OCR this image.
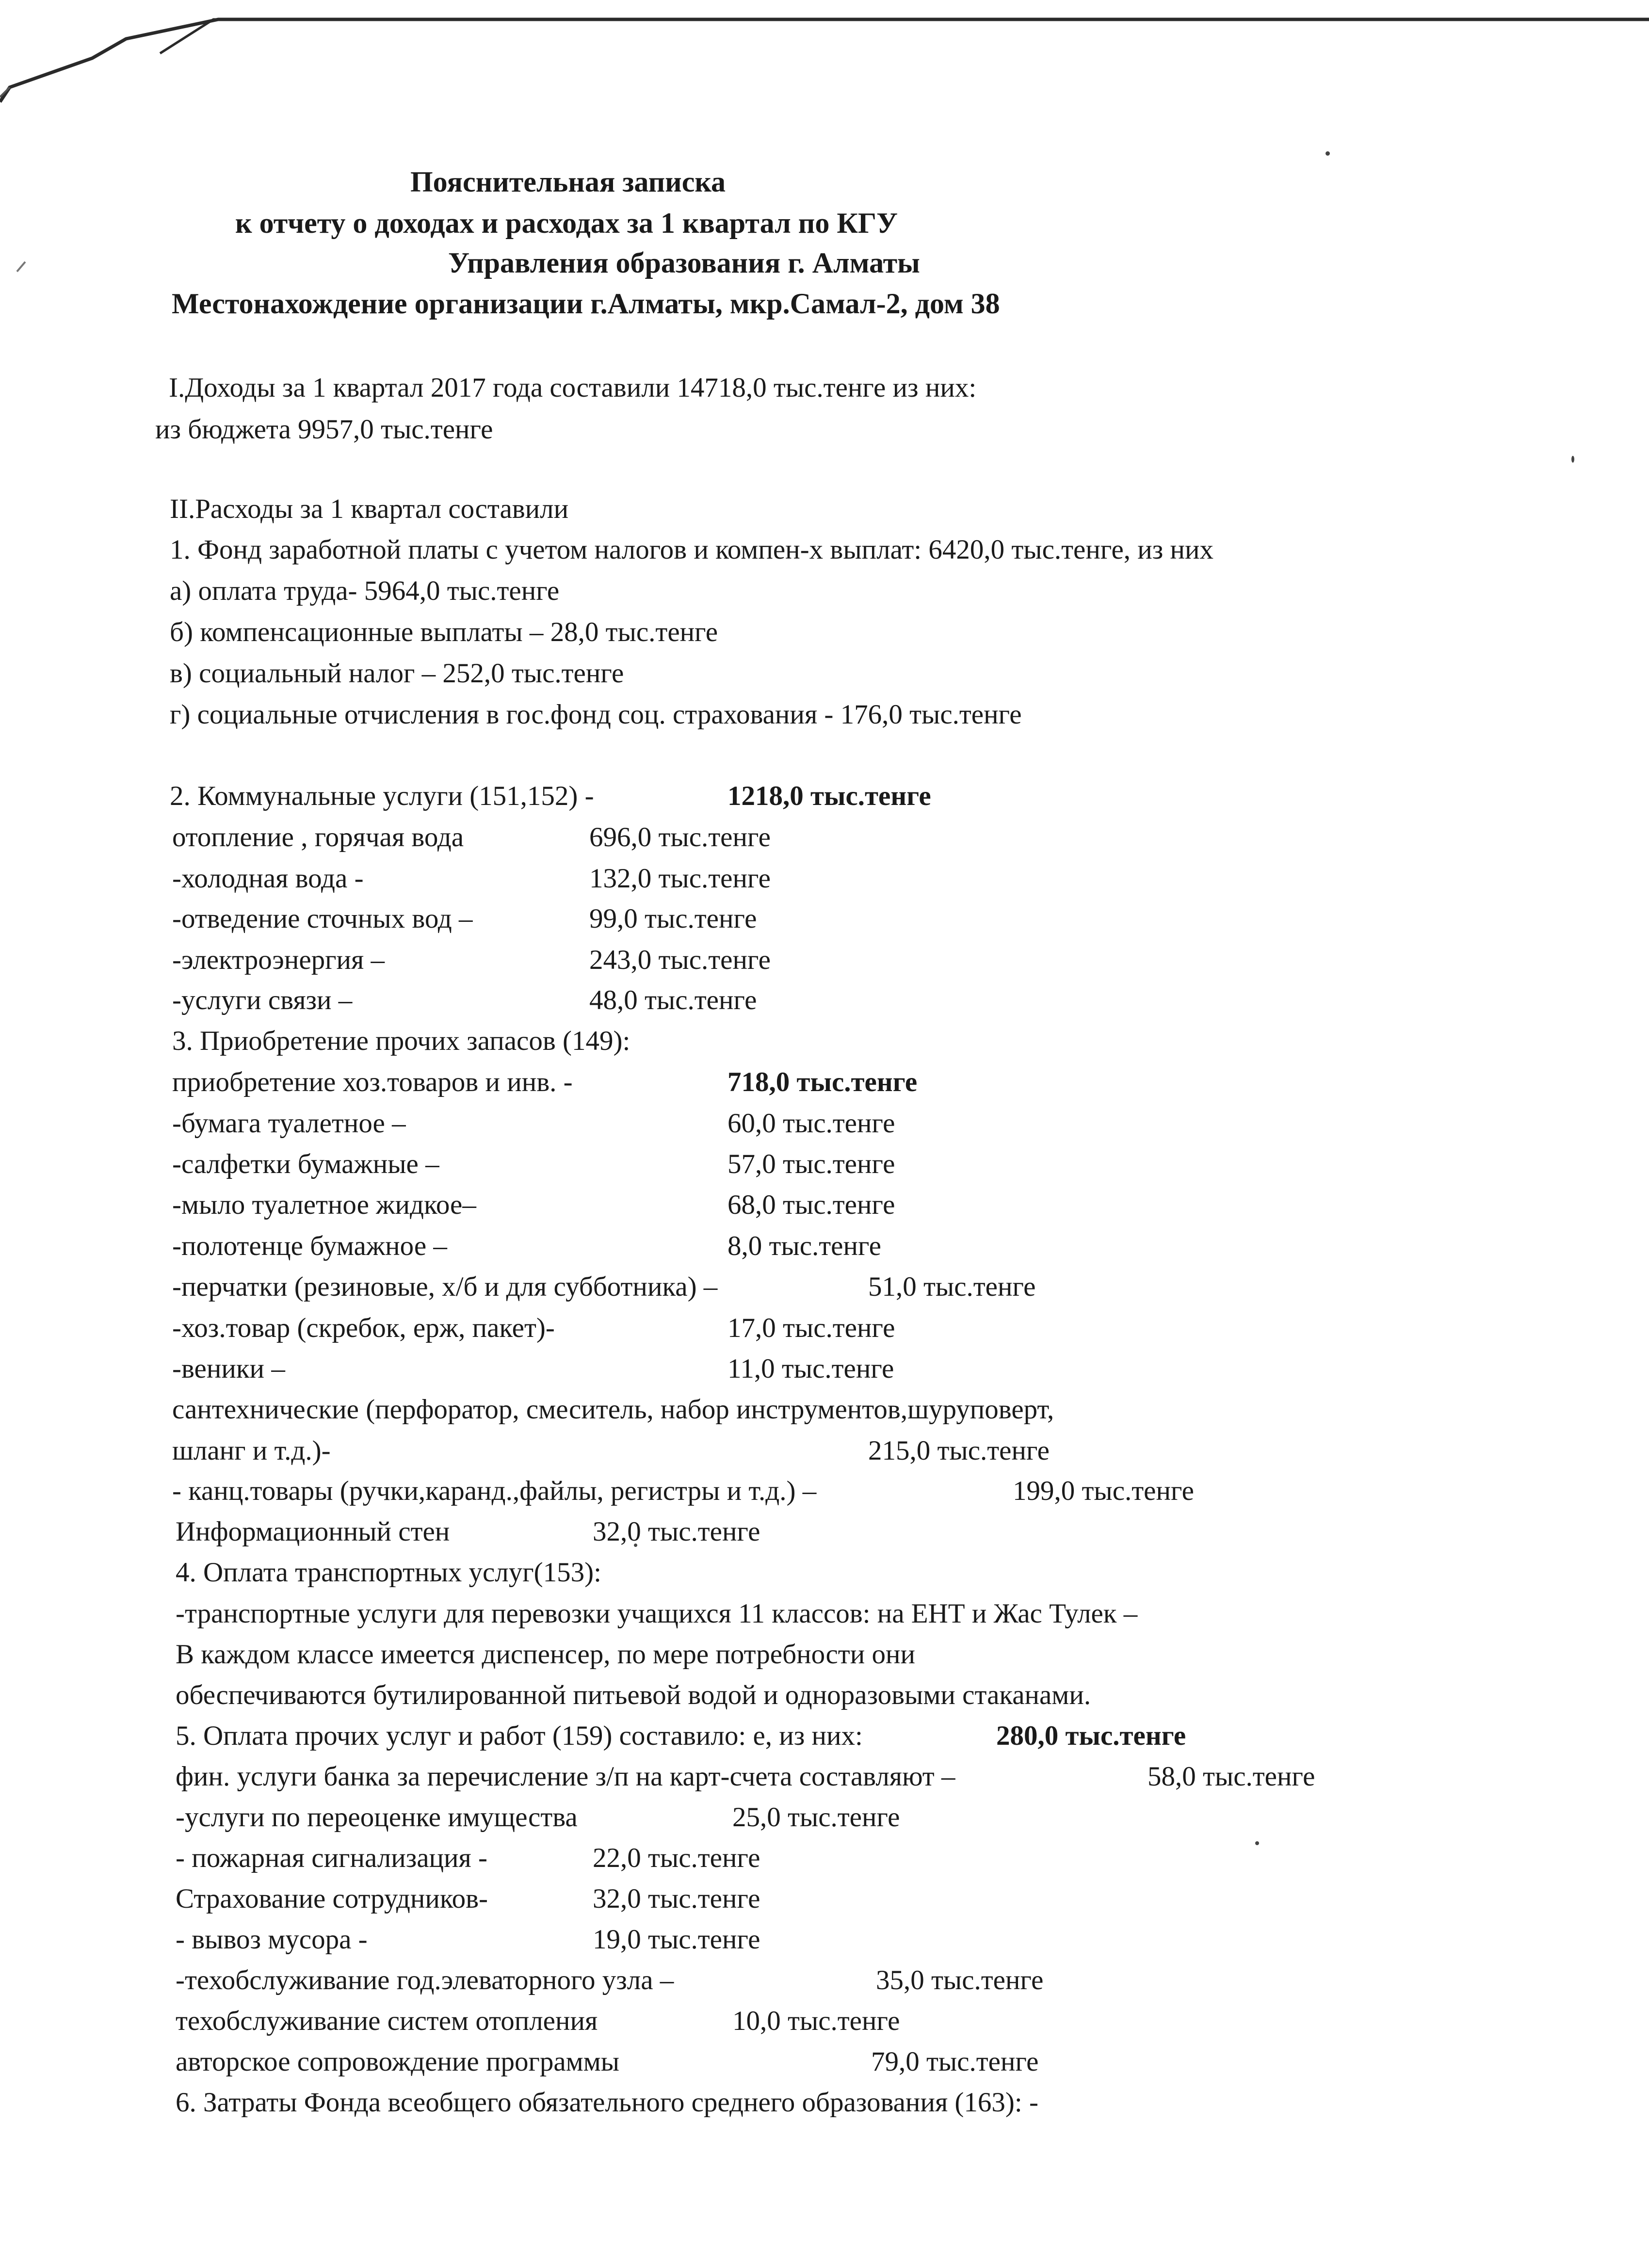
Пояснительная записка
к отчету о доходах и расходах за 1 квартал по КГУ
Управления образования г. Алматы
Местонахождение организации г.Алматы, мкр.Самал-2, дом 38
I.Доходы за 1 квартал 2017 года составили 14718,0 тыс.тенге из них:
из бюджета 9957,0 тыс.тенге
II.Расходы за 1 квартал составили
1. Фонд заработной платы с учетом налогов и компен-х выплат: 6420,0 тыс.тенге, из них
а) оплата труда- 5964,0 тыс.тенге
б) компенсационные выплаты – 28,0 тыс.тенге
в) социальный налог – 252,0 тыс.тенге
г) социальные отчисления в гос.фонд соц. страхования - 176,0 тыс.тенге
2. Коммунальные услуги (151,152) -	1218,0 тыс.тенге
отопление , горячая вода	696,0 тыс.тенге
-холодная вода -	132,0 тыс.тенге
-отведение сточных вод –	99,0 тыс.тенге
-электроэнергия –	243,0 тыс.тенге
-услуги связи –	48,0 тыс.тенге
3. Приобретение прочих запасов (149):
приобретение хоз.товаров и инв. -	718,0 тыс.тенге
-бумага туалетное –	60,0 тыс.тенге
-салфетки бумажные –	57,0 тыс.тенге
-мыло туалетное жидкое–	68,0 тыс.тенге
-полотенце бумажное –	8,0 тыс.тенге
-перчатки (резиновые, х/б и для субботника) –	51,0 тыс.тенге
-хоз.товар (скребок, ерж, пакет)-	17,0 тыс.тенге
-веники –	11,0 тыс.тенге
сантехнические (перфоратор, смеситель, набор инструментов,шуруповерт,
шланг и т.д.)-	215,0 тыс.тенге
- канц.товары (ручки,каранд.,файлы, регистры и т.д.) –	199,0 тыс.тенге
Информационный стен	32,0 тыс.тенге
4. Оплата транспортных услуг(153):
-транспортные услуги для перевозки учащихся 11 классов: на ЕНТ и Жас Тулек –
В каждом классе имеется диспенсер, по мере потребности они
обеспечиваются бутилированной питьевой водой и одноразовыми стаканами.
5. Оплата прочих услуг и работ (159) составило: е, из них:	280,0 тыс.тенге
фин. услуги банка за перечисление з/п на карт-счета составляют –	58,0 тыс.тенге
-услуги по переоценке имущества	25,0 тыс.тенге
- пожарная сигнализация -	22,0 тыс.тенге
Страхование сотрудников-	32,0 тыс.тенге
- вывоз мусора -	19,0 тыс.тенге
-техобслуживание год.элеваторного узла –	35,0 тыс.тенге
техобслуживание систем отопления	10,0 тыс.тенге
авторское сопровождение программы	79,0 тыс.тенге
6. Затраты Фонда всеобщего обязательного среднего образования (163): -
